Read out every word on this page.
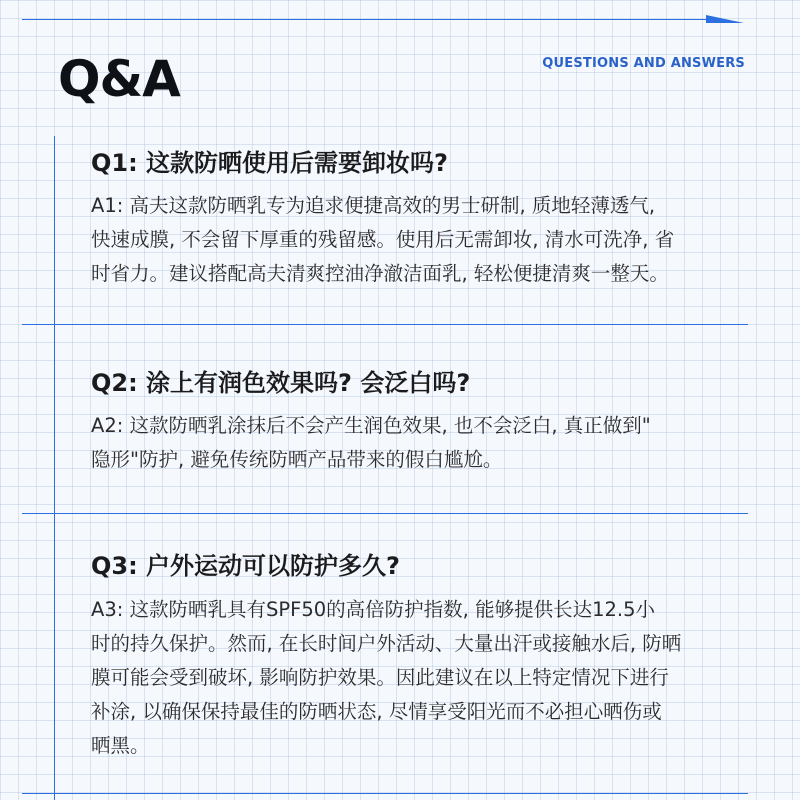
QUESTIONS AND ANSWERS
Q&A
Q1: 这款防晒使用后需要卸妆吗?
A1: 高夫这款防晒乳专为追求便捷高效的男士研制, 质地轻薄透气,
快速成膜, 不会留下厚重的残留感。使用后无需卸妆, 清水可洗净, 省
时省力。建议搭配高夫清爽控油净澈洁面乳, 轻松便捷清爽一整天。
Q2: 涂上有润色效果吗? 会泛白吗?
A2: 这款防晒乳涂抹后不会产生润色效果, 也不会泛白, 真正做到"
隐形"防护, 避免传统防晒产品带来的假白尴尬。
Q3: 户外运动可以防护多久?
A3: 这款防晒乳具有SPF50的高倍防护指数, 能够提供长达12.5小
时的持久保护。然而, 在长时间户外活动、大量出汗或接触水后, 防晒
膜可能会受到破坏, 影响防护效果。因此建议在以上特定情况下进行
补涂, 以确保保持最佳的防晒状态, 尽情享受阳光而不必担心晒伤或
晒黑。
